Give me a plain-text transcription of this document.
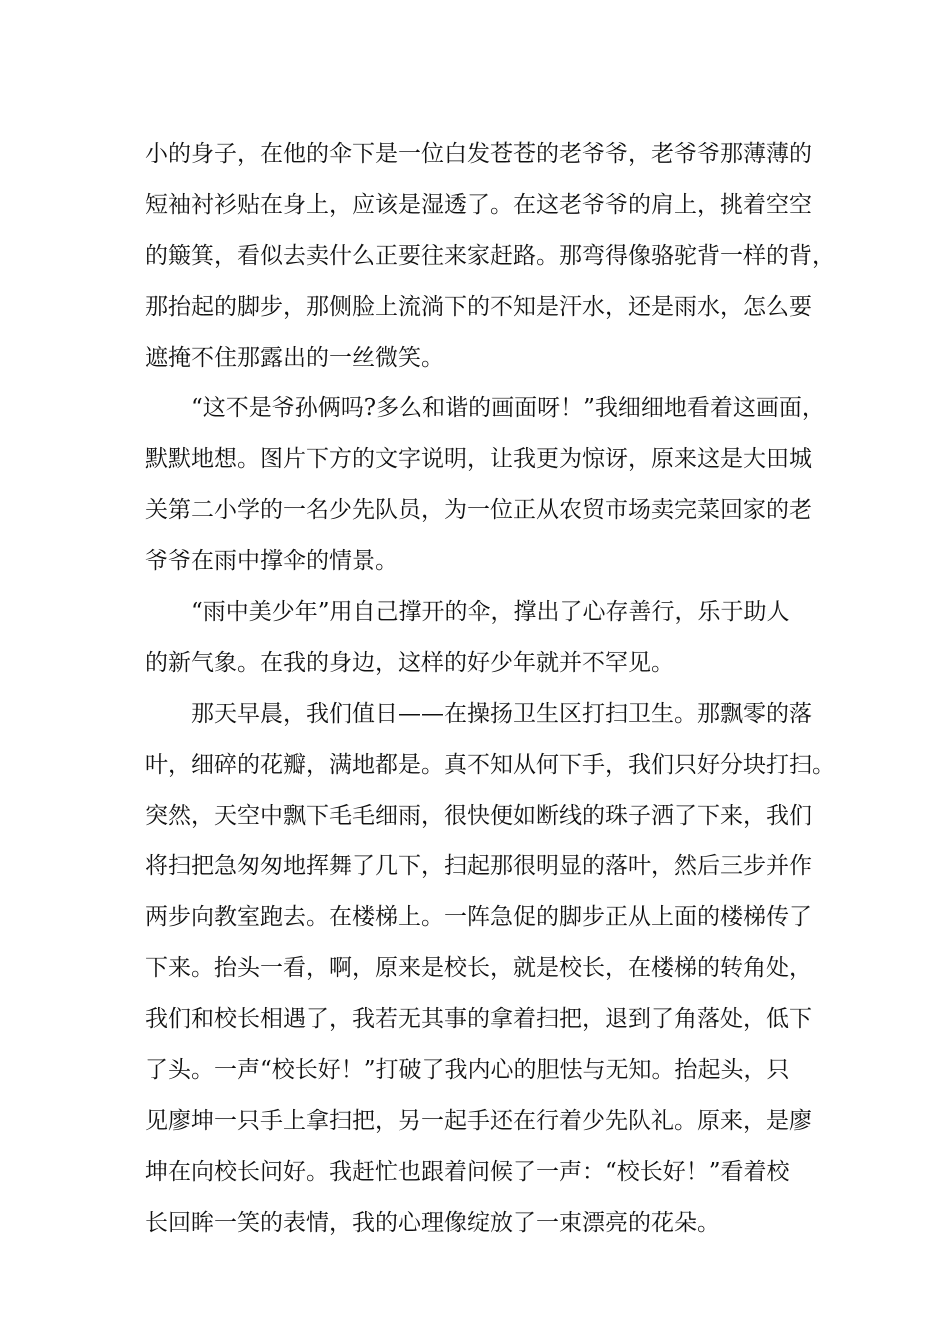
小的身子，在他的伞下是一位白发苍苍的老爷爷，老爷爷那薄薄的
短袖衬衫贴在身上，应该是湿透了。在这老爷爷的肩上，挑着空空
的簸箕，看似去卖什么正要往来家赶路。那弯得像骆驼背一样的背，
那抬起的脚步，那侧脸上流淌下的不知是汗水，还是雨水，怎么要
遮掩不住那露出的一丝微笑。
“这不是爷孙俩吗?多么和谐的画面呀！”我细细地看着这画面，
默默地想。图片下方的文字说明，让我更为惊讶，原来这是大田城
关第二小学的一名少先队员，为一位正从农贸市场卖完菜回家的老
爷爷在雨中撑伞的情景。
“雨中美少年”用自己撑开的伞，撑出了心存善行，乐于助人
的新气象。在我的身边，这样的好少年就并不罕见。
那天早晨，我们值日——在操扬卫生区打扫卫生。那飘零的落
叶，细碎的花瓣，满地都是。真不知从何下手，我们只好分块打扫。
突然，天空中飘下毛毛细雨，很快便如断线的珠子洒了下来，我们
将扫把急匆匆地挥舞了几下，扫起那很明显的落叶，然后三步并作
两步向教室跑去。在楼梯上。一阵急促的脚步正从上面的楼梯传了
下来。抬头一看，啊，原来是校长，就是校长，在楼梯的转角处，
我们和校长相遇了，我若无其事的拿着扫把，退到了角落处，低下
了头。一声“校长好！”打破了我内心的胆怯与无知。抬起头，只
见廖坤一只手上拿扫把，另一起手还在行着少先队礼。原来，是廖
坤在向校长问好。我赶忙也跟着问候了一声：“校长好！”看着校
长回眸一笑的表情，我的心理像绽放了一束漂亮的花朵。
